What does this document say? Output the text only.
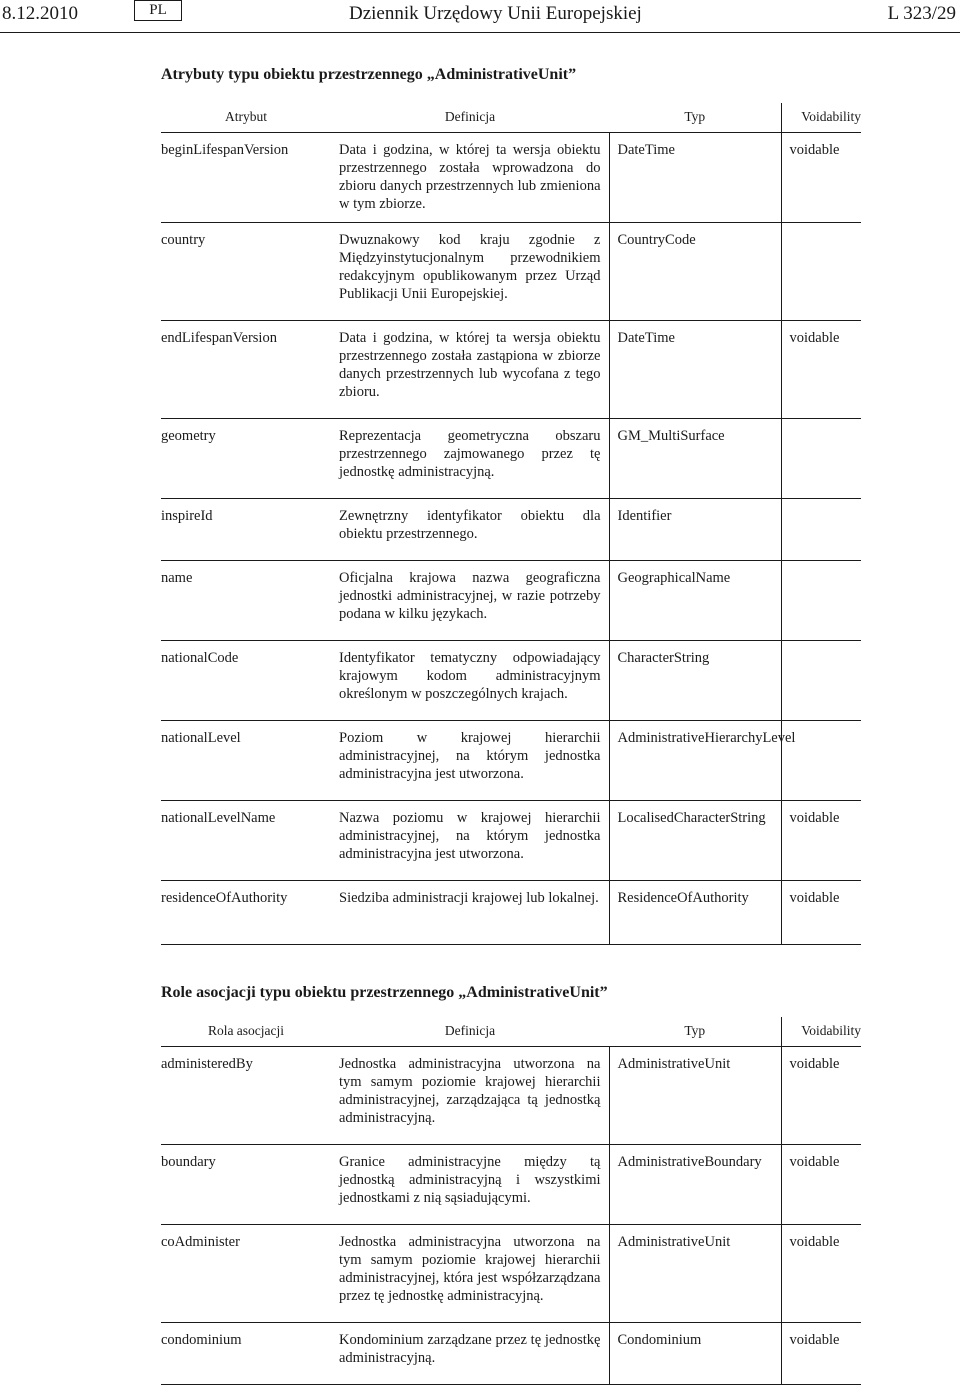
8.12.2010	PL	Dziennik Urzędowy Unii Europejskiej	L 323/29
Atrybuty typu obiektu przestrzennego „AdministrativeUnit”
Atrybut	Definicja	Typ	Voidability
beginLifespanVersion	Data i godzina, w której ta wersja obiektu przestrzennego została wprowadzona do zbioru danych przestrzennych lub zmieniona w tym zbiorze.	DateTime	voidable
country	Dwuznakowy kod kraju zgodnie z Międzyinstytucjonalnym przewodnikiem redakcyjnym opublikowanym przez Urząd Publikacji Unii Europejskiej.	CountryCode	
endLifespanVersion	Data i godzina, w której ta wersja obiektu przestrzennego została zastąpiona w zbiorze danych przestrzennych lub wycofana z tego zbioru.	DateTime	voidable
geometry	Reprezentacja geometryczna obszaru przestrzennego zajmowanego przez tę jednostkę administracyjną.	GM_MultiSurface	
inspireId	Zewnętrzny identyfikator obiektu dla obiektu przestrzennego.	Identifier	
name	Oficjalna krajowa nazwa geograficzna jednostki administracyjnej, w razie potrzeby podana w kilku językach.	GeographicalName	
nationalCode	Identyfikator tematyczny odpowiadający krajowym kodom administracyjnym określonym w poszczególnych krajach.	CharacterString	
nationalLevel	Poziom w krajowej hierarchii administracyjnej, na którym jednostka administracyjna jest utworzona.	AdministrativeHierarchyLevel	
nationalLevelName	Nazwa poziomu w krajowej hierarchii administracyjnej, na którym jednostka administracyjna jest utworzona.	LocalisedCharacterString	voidable
residenceOfAuthority	Siedziba administracji krajowej lub lokalnej.	ResidenceOfAuthority	voidable
Role asocjacji typu obiektu przestrzennego „AdministrativeUnit”
Rola asocjacji	Definicja	Typ	Voidability
administeredBy	Jednostka administracyjna utworzona na tym samym poziomie krajowej hierarchii administracyjnej, zarządzająca tą jednostką administracyjną.	AdministrativeUnit	voidable
boundary	Granice administracyjne między tą jednostką administracyjną i wszystkimi jednostkami z nią sąsiadującymi.	AdministrativeBoundary	voidable
coAdminister	Jednostka administracyjna utworzona na tym samym poziomie krajowej hierarchii administracyjnej, która jest współzarządzana przez tę jednostkę administracyjną.	AdministrativeUnit	voidable
condominium	Kondominium zarządzane przez tę jednostkę administracyjną.	Condominium	voidable
